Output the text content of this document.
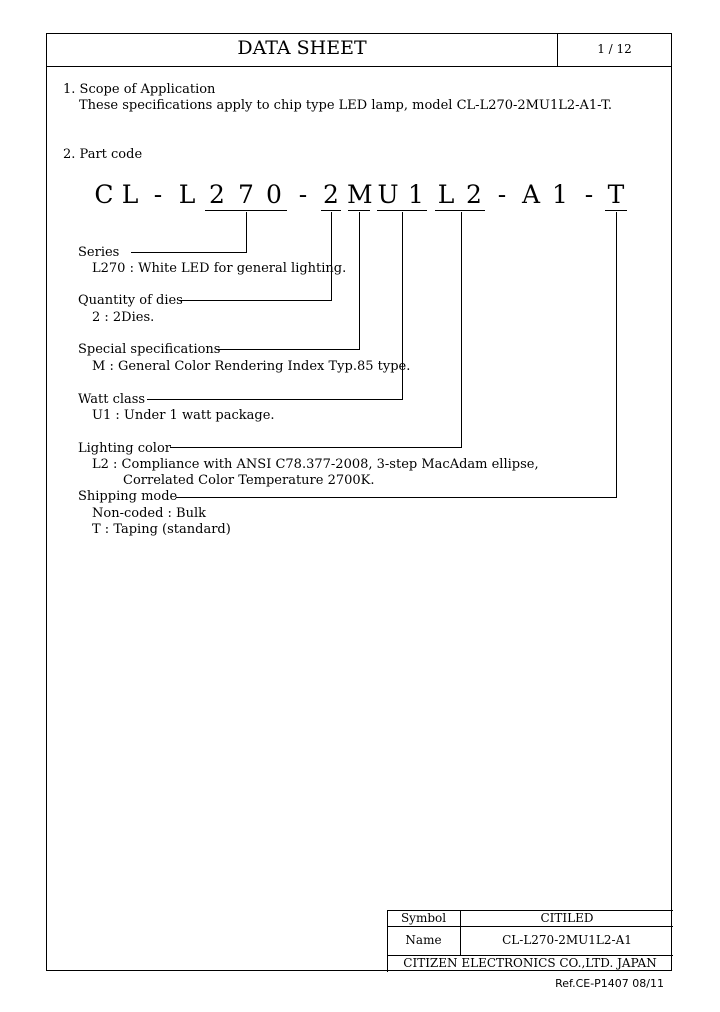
DATA SHEET	1 / 12
1. Scope of Application
These specifications apply to chip type LED lamp, model CL-L270-2MU1L2-A1-T.
2. Part code
C L - L 2 7 0 - 2 M U 1 L 2 - A 1 - T
Series
L270 : White LED for general lighting.
Quantity of dies
2 : 2Dies.
Special specifications
M : General Color Rendering Index Typ.85 type.
Watt class
U1 : Under 1 watt package.
Lighting color
L2 : Compliance with ANSI C78.377-2008, 3-step MacAdam ellipse,
Correlated Color Temperature 2700K.
Shipping mode
Non-coded : Bulk
T : Taping (standard)
Symbol	CITILED
Name	CL-L270-2MU1L2-A1
CITIZEN ELECTRONICS CO.,LTD. JAPAN
Ref.CE-P1407 08/11
